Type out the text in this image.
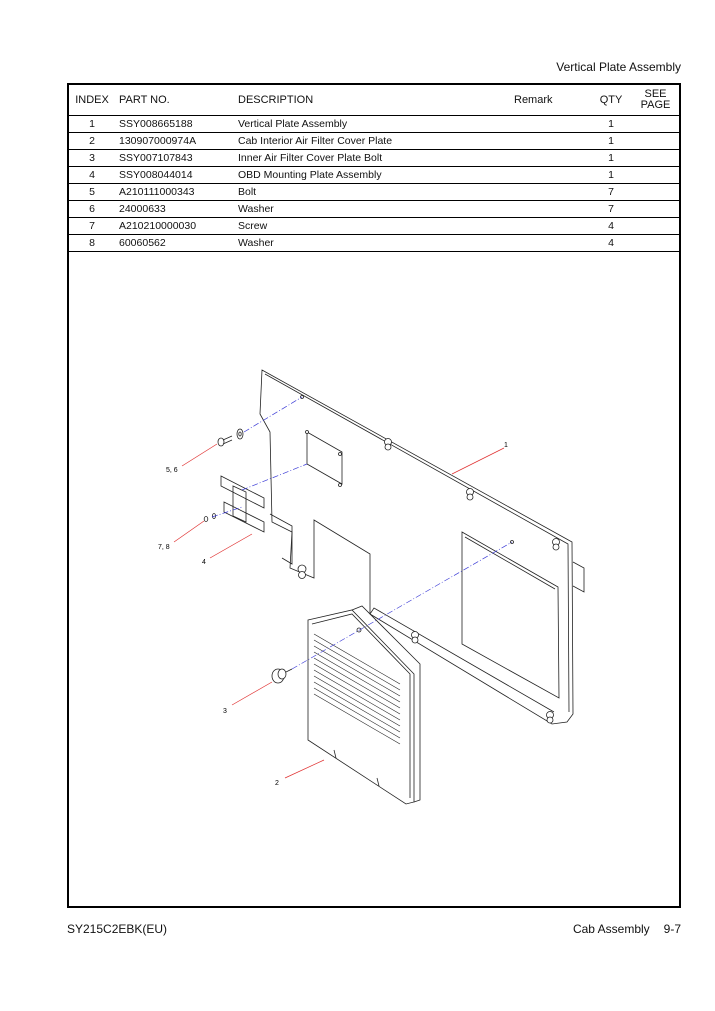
Vertical Plate Assembly
INDEX	PART NO.	DESCRIPTION	Remark	QTY	SEE
PAGE
1	SSY008665188	Vertical Plate Assembly		1	
2	130907000974A	Cab Interior Air Filter Cover Plate		1	
3	SSY007107843	Inner Air Filter Cover Plate Bolt		1	
4	SSY008044014	OBD Mounting Plate Assembly		1	
5	A210111000343	Bolt		7	
6	24000633	Washer		7	
7	A210210000030	Screw		4	
8	60060562	Washer		4	
1
2
3
4
5, 6
7, 8
SY215C2EBK(EU)	Cab Assembly 9-7
